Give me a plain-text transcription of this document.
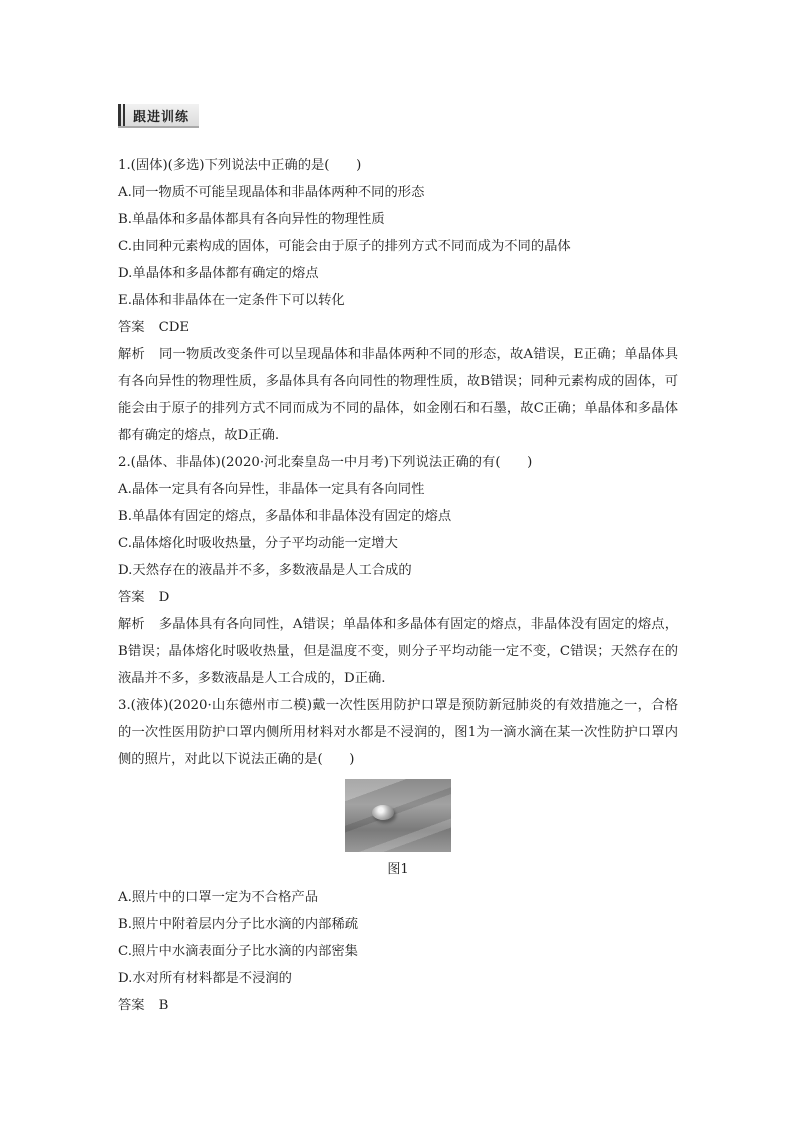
跟进训练
1.(固体)(多选)下列说法中正确的是(　　)
A.同一物质不可能呈现晶体和非晶体两种不同的形态
B.单晶体和多晶体都具有各向异性的物理性质
C.由同种元素构成的固体，可能会由于原子的排列方式不同而成为不同的晶体
D.单晶体和多晶体都有确定的熔点
E.晶体和非晶体在一定条件下可以转化
答案 CDE
解析 同一物质改变条件可以呈现晶体和非晶体两种不同的形态，故A错误，E正确；单晶体具有各向异性的物理性质，多晶体具有各向同性的物理性质，故B错误；同种元素构成的固体，可能会由于原子的排列方式不同而成为不同的晶体，如金刚石和石墨，故C正确；单晶体和多晶体都有确定的熔点，故D正确.
2.(晶体、非晶体)(2020·河北秦皇岛一中月考)下列说法正确的有(　　)
A.晶体一定具有各向异性，非晶体一定具有各向同性
B.单晶体有固定的熔点，多晶体和非晶体没有固定的熔点
C.晶体熔化时吸收热量，分子平均动能一定增大
D.天然存在的液晶并不多，多数液晶是人工合成的
答案 D
解析 多晶体具有各向同性，A错误；单晶体和多晶体有固定的熔点，非晶体没有固定的熔点，B错误；晶体熔化时吸收热量，但是温度不变，则分子平均动能一定不变，C错误；天然存在的液晶并不多，多数液晶是人工合成的，D正确.
3.(液体)(2020·山东德州市二模)戴一次性医用防护口罩是预防新冠肺炎的有效措施之一，合格的一次性医用防护口罩内侧所用材料对水都是不浸润的，图1为一滴水滴在某一次性防护口罩内侧的照片，对此以下说法正确的是(　　)
图1
A.照片中的口罩一定为不合格产品
B.照片中附着层内分子比水滴的内部稀疏
C.照片中水滴表面分子比水滴的内部密集
D.水对所有材料都是不浸润的
答案 B
